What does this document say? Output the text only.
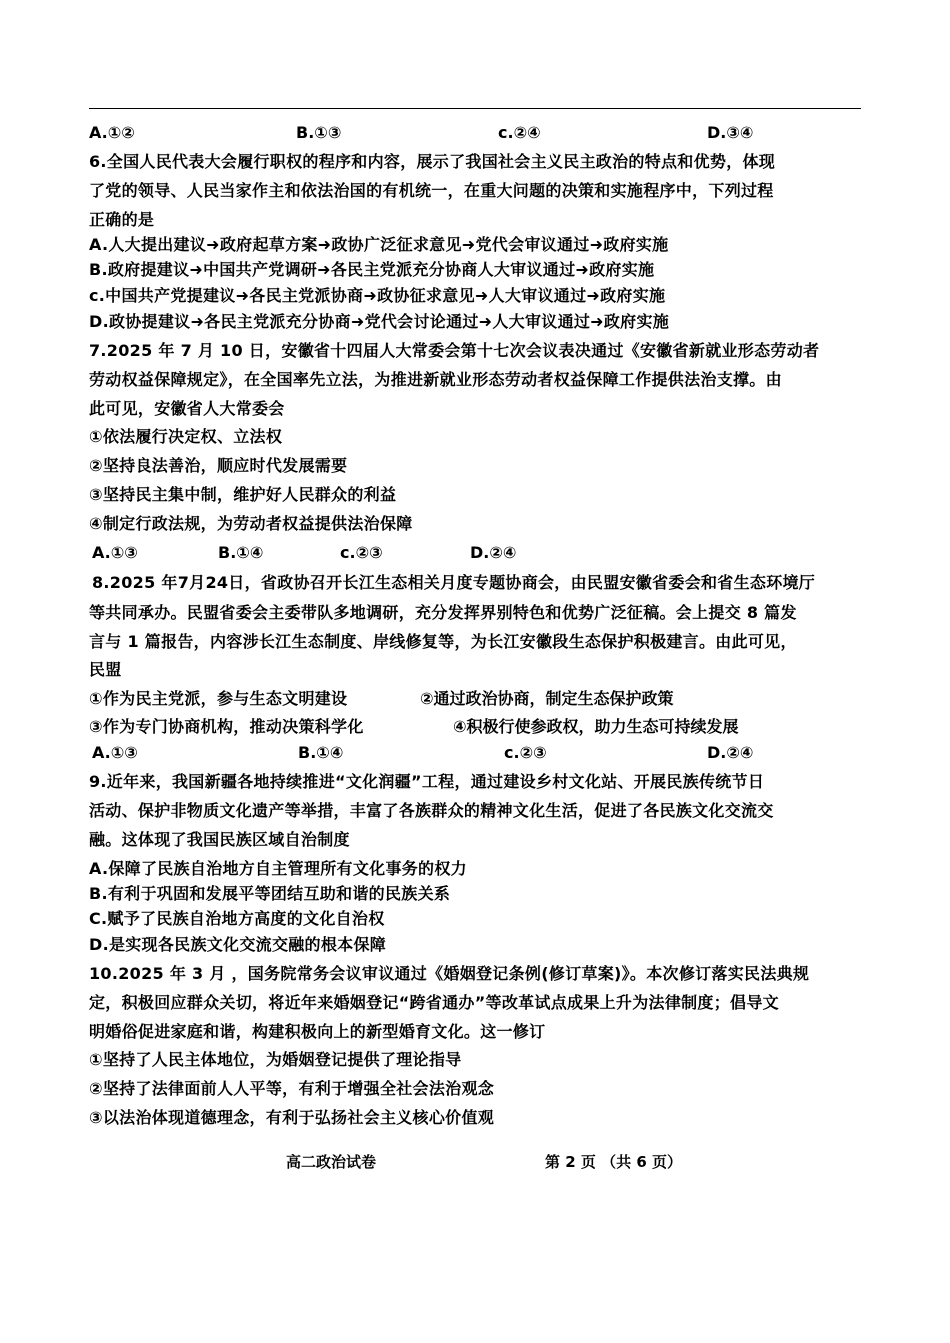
A.①②	B.①③	c.②④	D.③④
6.全国人民代表大会履行职权的程序和内容，展示了我国社会主义民主政治的特点和优势，体现
了党的领导、人民当家作主和依法治国的有机统一，在重大问题的决策和实施程序中，下列过程
正确的是
A.人大提出建议➜政府起草方案➜政协广泛征求意见➜党代会审议通过➜政府实施
B.政府提建议➜中国共产党调研➜各民主党派充分协商人大审议通过➜政府实施
c.中国共产党提建议➜各民主党派协商➜政协征求意见➜人大审议通过➜政府实施
D.政协提建议➜各民主党派充分协商➜党代会讨论通过➜人大审议通过➜政府实施
7.2025 年 7 月 10 日，安徽省十四届人大常委会第十七次会议表决通过《安徽省新就业形态劳动者
劳动权益保障规定》，在全国率先立法，为推进新就业形态劳动者权益保障工作提供法治支撑。由
此可见，安徽省人大常委会
①依法履行决定权、立法权
②坚持良法善治，顺应时代发展需要
③坚持民主集中制，维护好人民群众的利益
④制定行政法规，为劳动者权益提供法治保障
A.①③	B.①④	c.②③	D.②④
8.2025 年7月24日，省政协召开长江生态相关月度专题协商会，由民盟安徽省委会和省生态环境厅
等共同承办。民盟省委会主委带队多地调研，充分发挥界别特色和优势广泛征稿。会上提交 8 篇发
言与 1 篇报告，内容涉长江生态制度、岸线修复等，为长江安徽段生态保护积极建言。由此可见，
民盟
①作为民主党派，参与生态文明建设	②通过政治协商，制定生态保护政策
③作为专门协商机构，推动决策科学化	④积极行使参政权，助力生态可持续发展
A.①③	B.①④	c.②③	D.②④
9.近年来，我国新疆各地持续推进“文化润疆”工程，通过建设乡村文化站、开展民族传统节日
活动、保护非物质文化遗产等举措，丰富了各族群众的精神文化生活，促进了各民族文化交流交
融。这体现了我国民族区域自治制度
A.保障了民族自治地方自主管理所有文化事务的权力
B.有利于巩固和发展平等团结互助和谐的民族关系
C.赋予了民族自治地方高度的文化自治权
D.是实现各民族文化交流交融的根本保障
10.2025 年 3 月 ，国务院常务会议审议通过《婚姻登记条例(修订草案)》。本次修订落实民法典规
定，积极回应群众关切，将近年来婚姻登记“跨省通办”等改革试点成果上升为法律制度；倡导文
明婚俗促进家庭和谐，构建积极向上的新型婚育文化。这一修订
①坚持了人民主体地位，为婚姻登记提供了理论指导
②坚持了法律面前人人平等，有利于增强全社会法治观念
③以法治体现道德理念，有利于弘扬社会主义核心价值观
高二政治试卷	第 2 页 （共 6 页）
